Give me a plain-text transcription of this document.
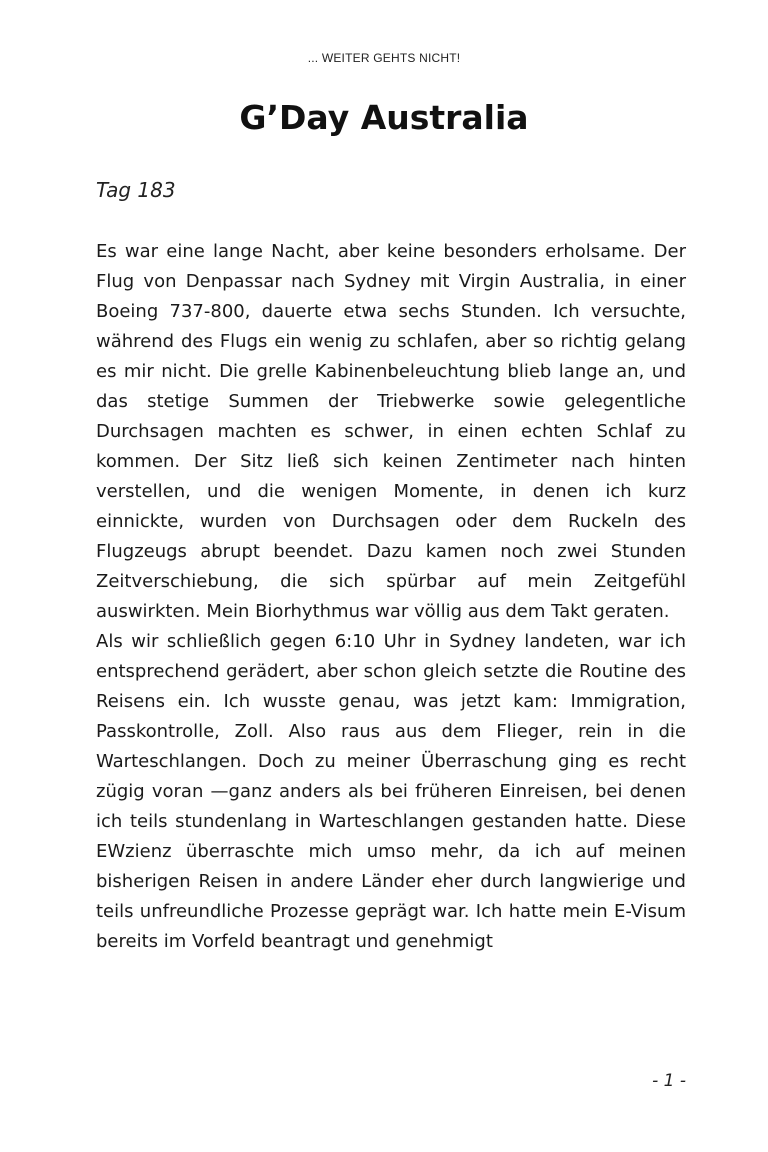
... WEITER GEHTS NICHT!
G’Day Australia
Tag 183

Es war eine lange Nacht, aber keine besonders erholsame. Der Flug von Denpassar nach Sydney mit Virgin Australia, in einer Boeing 737-800, dauerte etwa sechs Stunden. Ich versuchte, während des Flugs ein wenig zu schlafen, aber so richtig gelang es mir nicht. Die grelle Kabinenbeleuchtung blieb lange an, und das stetige Summen der Triebwerke sowie gelegentliche Durchsagen machten es schwer, in einen echten Schlaf zu kommen. Der Sitz ließ sich keinen Zentimeter nach hinten verstellen, und die wenigen Momente, in denen ich kurz einnickte, wurden von Durchsagen oder dem Ruckeln des Flugzeugs abrupt beendet. Dazu kamen noch zwei Stunden Zeitverschiebung, die sich spürbar auf mein Zeitgefühl auswirkten. Mein Biorhythmus war völlig aus dem Takt geraten.

Als wir schließlich gegen 6:10 Uhr in Sydney landeten, war ich entsprechend gerädert, aber schon gleich setzte die Routine des Reisens ein. Ich wusste genau, was jetzt kam: Immigration, Passkontrolle, Zoll. Also raus aus dem Flieger, rein in die Warteschlangen. Doch zu meiner Überraschung ging es recht zügig voran —ganz anders als bei früheren Einreisen, bei denen ich teils stundenlang in Warteschlangen gestanden hatte. Diese EWzienz überraschte mich umso mehr, da ich auf meinen bisherigen Reisen in andere Länder eher durch langwierige und teils unfreundliche Prozesse geprägt war. Ich hatte mein E-Visum bereits im Vorfeld beantragt und genehmigt

- 1 -
